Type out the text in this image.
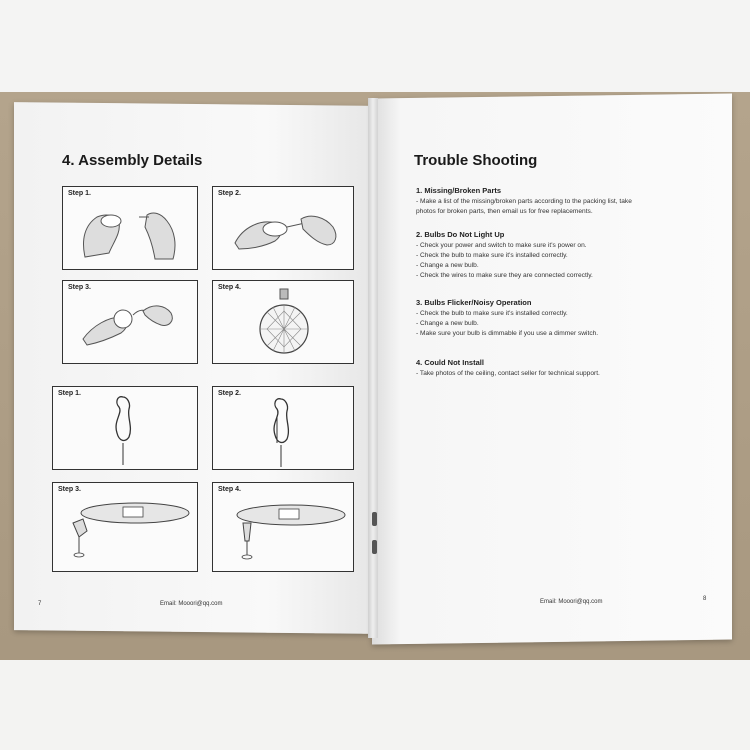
4. Assembly Details
Step 1.	Step 2.
Step 3.	Step 4.
Step 1.	Step 2.
Step 3.	Step 4.
7	Email: Mooori@qq.com
Trouble Shooting

1. Missing/Broken Parts

- Make a list of the missing/broken parts according to the packing list, take

photos for broken parts, then email us for free replacements.

2. Bulbs Do Not Light Up

- Check your power and switch to make sure it's power on.

- Check the bulb to make sure it's installed correctly.

- Change a new bulb.

- Check the wires to make sure they are connected correctly.

3. Bulbs Flicker/Noisy Operation

- Check the bulb to make sure it's installed correctly.

- Change a new bulb.

- Make sure your bulb is dimmable if you use a dimmer switch.

4. Could Not Install

- Take photos of the ceiling, contact seller for technical support.

Email: Mooori@qq.com	8
